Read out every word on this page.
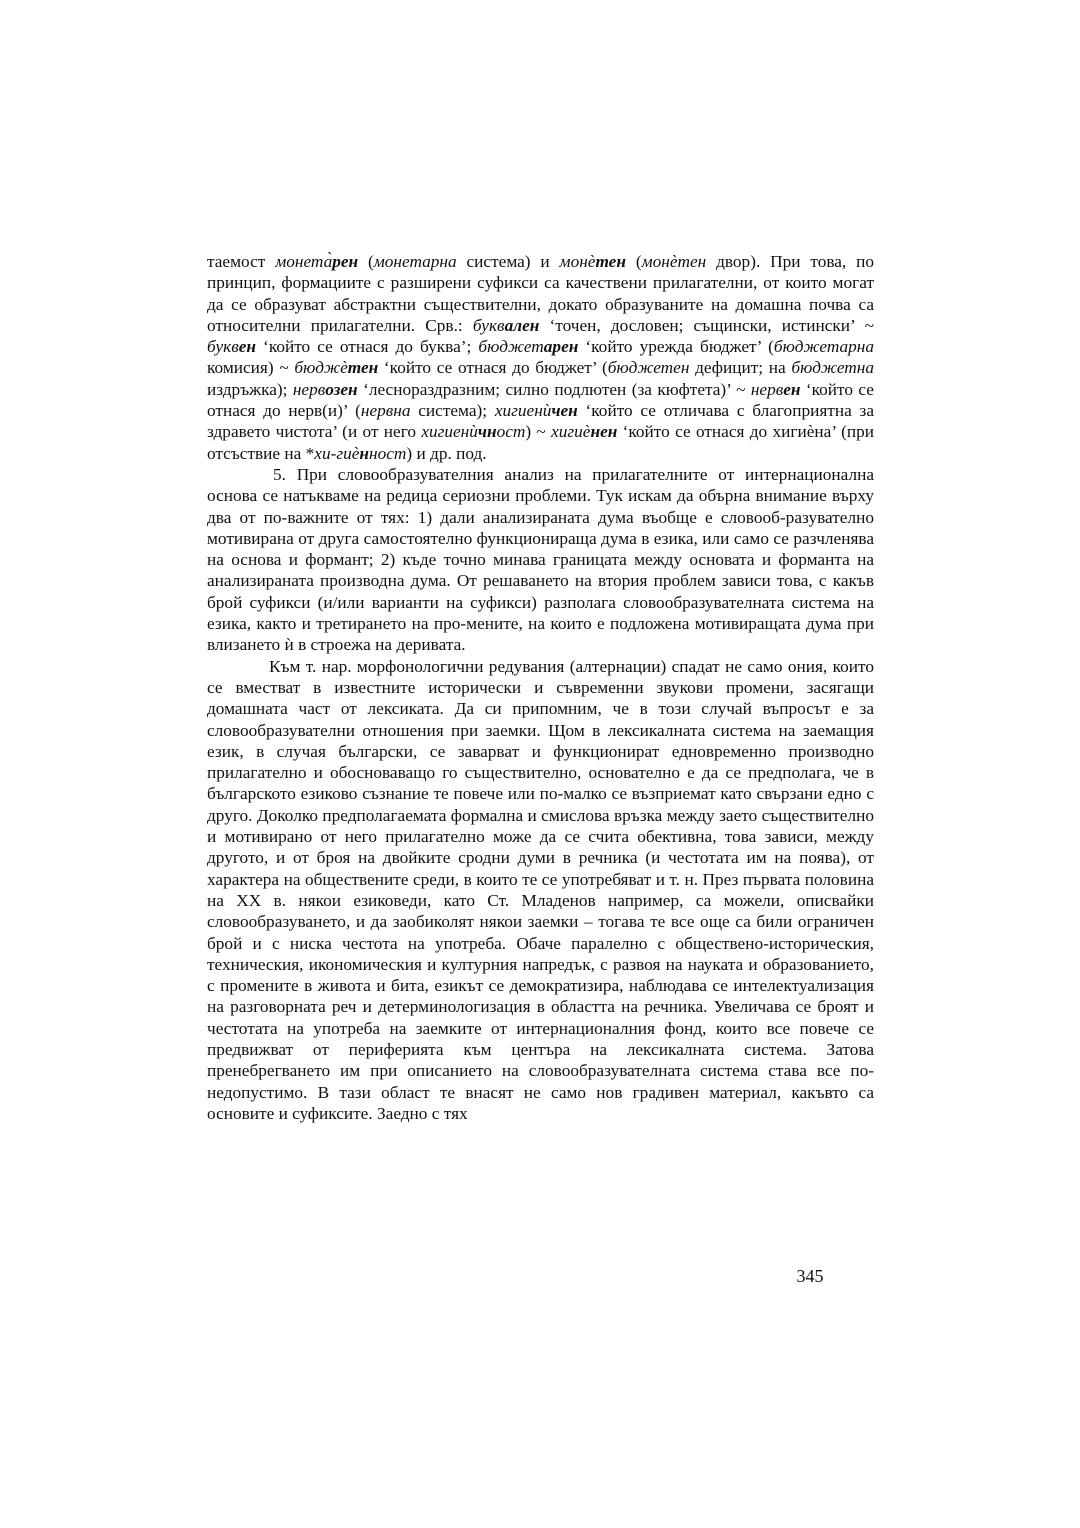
таемост монета̀рен (монетарна система) и монѐтен (монѐтен двор). При това, по принцип, формациите с разширени суфикси са качествени прилагателни, от които могат да се образуват абстрактни съществителни, докато образуваните на домашна почва са относителни прилагателни. Срв.: буквален ‘точен, дословен; същински, истински’ ~ буквен ‘който се отнася до буква’; бюджетарен ‘който урежда бюджет’ (бюджетарна комисия) ~ бюджѐтен ‘който се отнася до бюджет’ (бюджетен дефицит; на бюджетна издръжка); нервозен ‘леснораздразним; силно подлютен (за кюфтета)’ ~ нервен ‘който се отнася до нерв(и)’ (нервна система); хигиенѝчен ‘който се отличава с благоприятна за здравето чистота’ (и от него хигиенѝчност) ~ хигиѐнен ‘който се отнася до хигиѐна’ (при отсъствие на *хи-гиѐнност) и др. под.

5. При словообразувателния анализ на прилагателните от интернационална основа се натъкваме на редица сериозни проблеми. Тук искам да обърна внимание върху два от по-важните от тях: 1) дали анализираната дума въобще е словооб-разувателно мотивирана от друга самостоятелно функционираща дума в езика, или само се разчленява на основа и формант; 2) къде точно минава границата между основата и форманта на анализираната производна дума. От решаването на втория проблем зависи това, с какъв брой суфикси (и/или варианти на суфикси) разполага словообразувателната система на езика, както и третирането на про-мените, на които е подложена мотивиращата дума при влизането ѝ в строежа на деривата.

Към т. нар. морфонологични редувания (алтернации) спадат не само ония, които се вместват в известните исторически и съвременни звукови промени, засягащи домашната част от лексиката. Да си припомним, че в този случай въпросът е за словообразувателни отношения при заемки. Щом в лексикалната система на заемащия език, в случая български, се заварват и функционират едновременно производно прилагателно и обосноваващо го съществително, основателно е да се предполага, че в българското езиково съзнание те повече или по-малко се възприемат като свързани едно с друго. Доколко предполагаемата формална и смислова връзка между заето съществително и мотивирано от него прилагателно може да се счита обективна, това зависи, между другото, и от броя на двойките сродни думи в речника (и честотата им на поява), от характера на обществените среди, в които те се употребяват и т. н. През първата половина на XX в. някои езиковеди, като Ст. Младенов например, са можели, описвайки словообразуването, и да заобиколят някои заемки – тогава те все още са били ограничен брой и с ниска честота на употреба. Обаче паралелно с обществено-историческия, техническия, икономическия и културния напредък, с развоя на науката и образованието, с промените в живота и бита, езикът се демократизира, наблюдава се интелектуализация на разговорната реч и детерминологизация в областта на речника. Увеличава се броят и честотата на употреба на заемките от интернационалния фонд, които все повече се предвижват от периферията към центъра на лексикалната система. Затова пренебрегването им при описанието на словообразувателната система става все по-недопустимо. В тази област те внасят не само нов градивен материал, какъвто са основите и суфиксите. Заедно с тях

345
